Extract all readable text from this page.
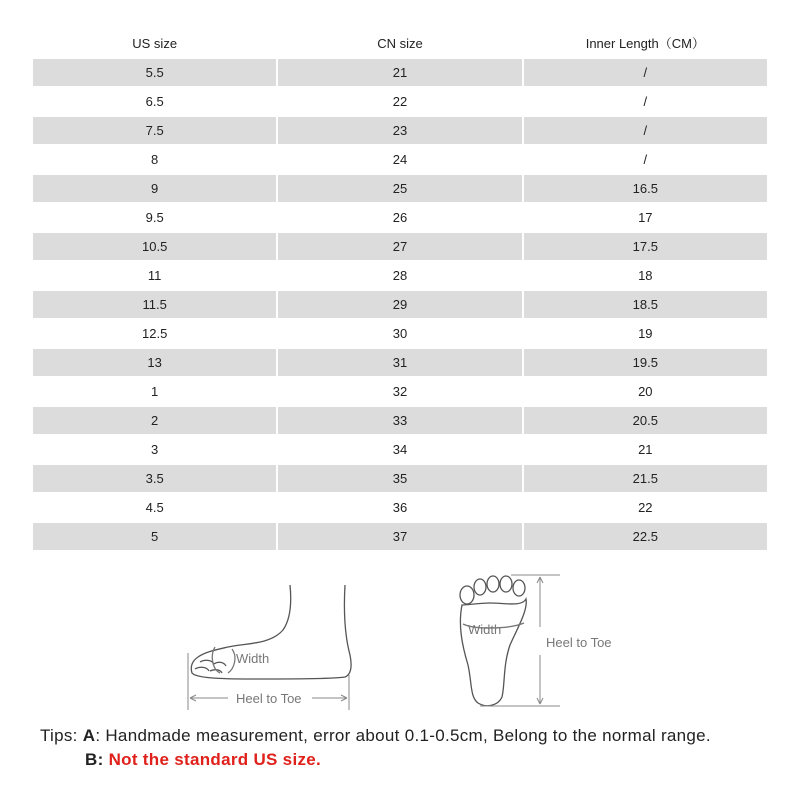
US size	CN size	Inner Length（CM）
5.5	21	/
6.5	22	/
7.5	23	/
8	24	/
9	25	16.5
9.5	26	17
10.5	27	17.5
11	28	18
11.5	29	18.5
12.5	30	19
13	31	19.5
1	32	20
2	33	20.5
3	34	21
3.5	35	21.5
4.5	36	22
5	37	22.5
Width
Heel to Toe
Width
Heel to Toe
Tips: A: Handmade measurement, error about 0.1-0.5cm, Belong to the normal range.
B: Not the standard US size.
